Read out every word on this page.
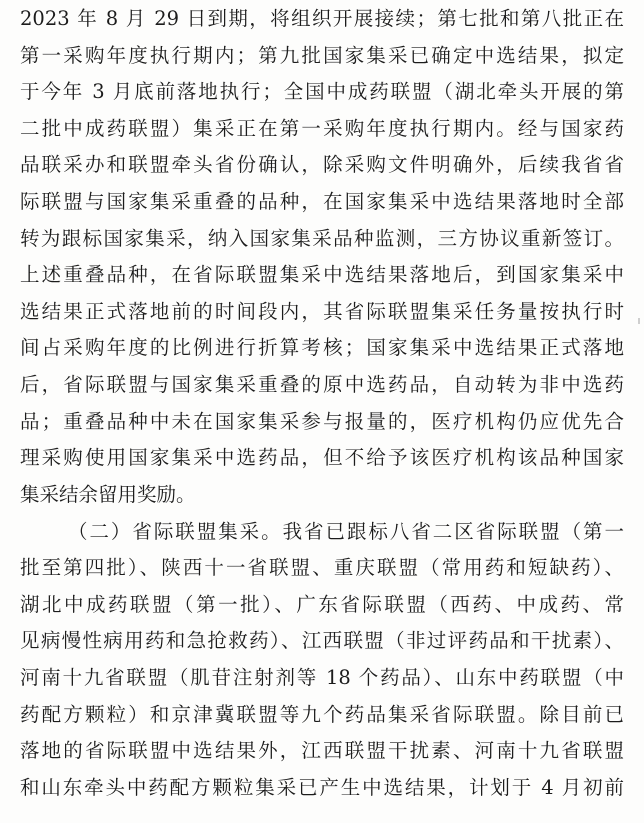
2023 年 8 月 29 日到期，将组织开展接续；第七批和第八批正在
第一采购年度执行期内；第九批国家集采已确定中选结果，拟定
于今年 3 月底前落地执行；全国中成药联盟（湖北牵头开展的第
二批中成药联盟）集采正在第一采购年度执行期内。经与国家药
品联采办和联盟牵头省份确认，除采购文件明确外，后续我省省
际联盟与国家集采重叠的品种，在国家集采中选结果落地时全部
转为跟标国家集采，纳入国家集采品种监测，三方协议重新签订。
上述重叠品种，在省际联盟集采中选结果落地后，到国家集采中
选结果正式落地前的时间段内，其省际联盟集采任务量按执行时
间占采购年度的比例进行折算考核；国家集采中选结果正式落地
后，省际联盟与国家集采重叠的原中选药品，自动转为非中选药
品；重叠品种中未在国家集采参与报量的，医疗机构仍应优先合
理采购使用国家集采中选药品，但不给予该医疗机构该品种国家
集采结余留用奖励。
（二）省际联盟集采。我省已跟标八省二区省际联盟（第一
批至第四批）、陕西十一省联盟、重庆联盟（常用药和短缺药）、
湖北中成药联盟（第一批）、广东省际联盟（西药、中成药、常
见病慢性病用药和急抢救药）、江西联盟（非过评药品和干扰素）、
河南十九省联盟（肌苷注射剂等 18 个药品）、山东中药联盟（中
药配方颗粒）和京津冀联盟等九个药品集采省际联盟。除目前已
落地的省际联盟中选结果外，江西联盟干扰素、河南十九省联盟
和山东牵头中药配方颗粒集采已产生中选结果，计划于 4 月初前
